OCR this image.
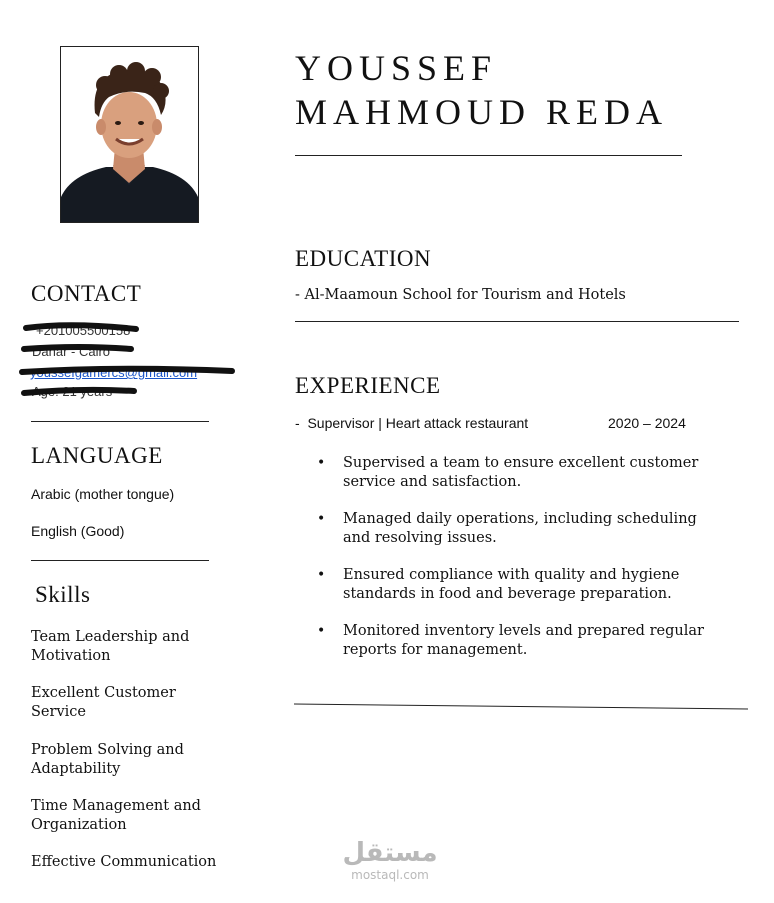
YOUSSEF
MAHMOUD REDA
CONTACT
+201005500158
Dahar - Cairo
youssefgamercs@gmail.com
Age: 21 years
LANGUAGE
Arabic (mother tongue)
English (Good)
Skills
Team Leadership and
Motivation
Excellent Customer
Service
Problem Solving and
Adaptability
Time Management and
Organization
Effective Communication
EDUCATION
- Al-Maamoun School for Tourism and Hotels
EXPERIENCE
-  Supervisor | Heart attack restaurant	2020 – 2024
• Supervised a team to ensure excellent customer
service and satisfaction.
• Managed daily operations, including scheduling
and resolving issues.
• Ensured compliance with quality and hygiene
standards in food and beverage preparation.
• Monitored inventory levels and prepared regular
reports for management.
مستقل
mostaql.com
